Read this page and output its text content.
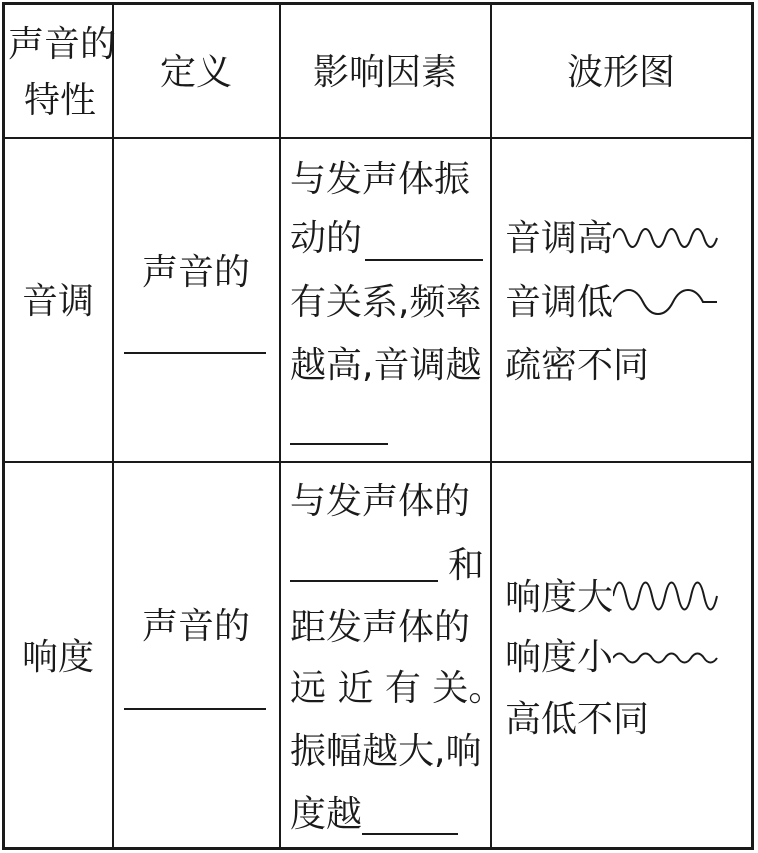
声音的
特性
定义 影响因素	波形图
音调
声音的
与发声体振
动的
有关系,频率
越高,音调越
音调高
音调低
疏密不同
响度
声音的
与发声体的
和
距发声体的
远 近 有 关。
振幅越大,响
度越
响度大
响度小
高低不同
